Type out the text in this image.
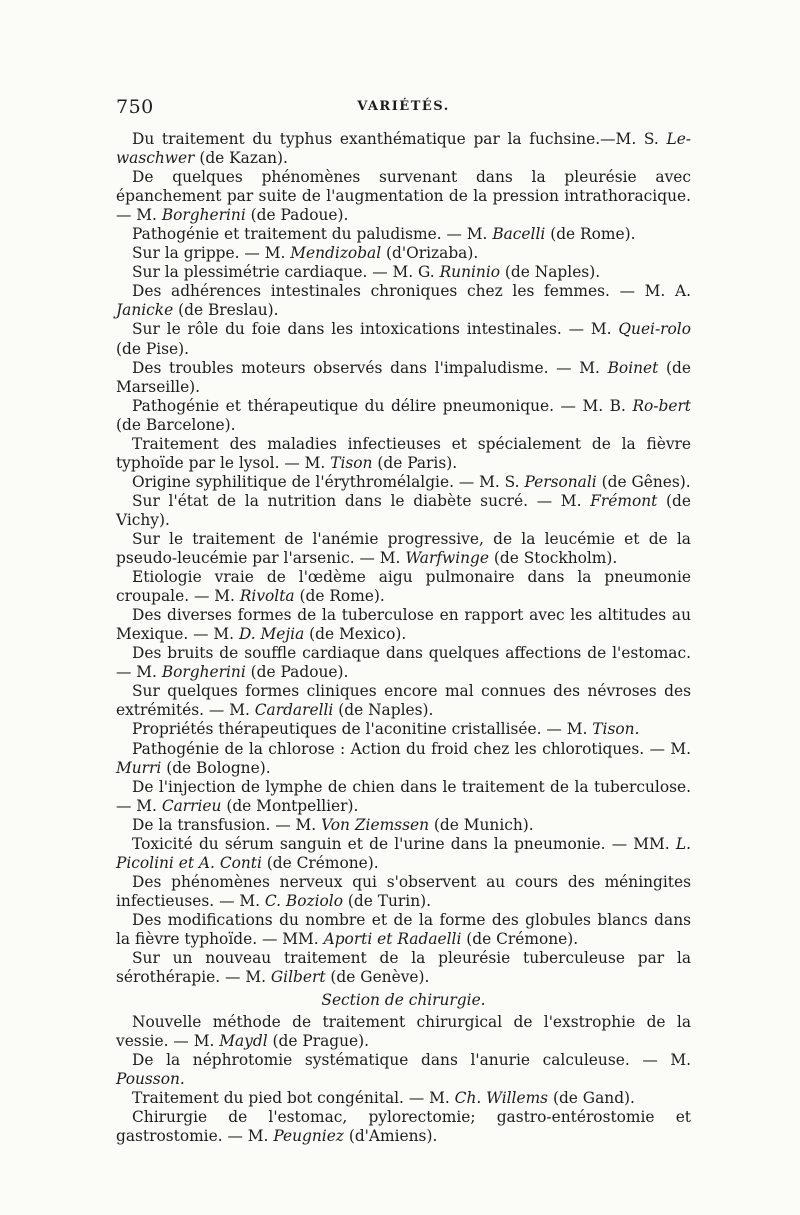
750	VARIÉTÉS.

Du traitement du typhus exanthématique par la fuchsine.—M. S. Le-waschwer (de Kazan).

De quelques phénomènes survenant dans la pleurésie avec épanchement par suite de l'augmentation de la pression intrathoracique. — M. Borgherini (de Padoue).

Pathogénie et traitement du paludisme. — M. Bacelli (de Rome).

Sur la grippe. — M. Mendizobal (d'Orizaba).

Sur la plessimétrie cardiaque. — M. G. Runinio (de Naples).

Des adhérences intestinales chroniques chez les femmes. — M. A. Janicke (de Breslau).

Sur le rôle du foie dans les intoxications intestinales. — M. Quei-rolo (de Pise).

Des troubles moteurs observés dans l'impaludisme. — M. Boinet (de Marseille).

Pathogénie et thérapeutique du délire pneumonique. — M. B. Ro-bert (de Barcelone).

Traitement des maladies infectieuses et spécialement de la fièvre typhoïde par le lysol. — M. Tison (de Paris).

Origine syphilitique de l'érythromélalgie. — M. S. Personali (de Gênes).

Sur l'état de la nutrition dans le diabète sucré. — M. Frémont (de Vichy).

Sur le traitement de l'anémie progressive, de la leucémie et de la pseudo-leucémie par l'arsenic. — M. Warfwinge (de Stockholm).

Etiologie vraie de l'œdème aigu pulmonaire dans la pneumonie croupale. — M. Rivolta (de Rome).

Des diverses formes de la tuberculose en rapport avec les altitudes au Mexique. — M. D. Mejia (de Mexico).

Des bruits de souffle cardiaque dans quelques affections de l'estomac. — M. Borgherini (de Padoue).

Sur quelques formes cliniques encore mal connues des névroses des extrémités. — M. Cardarelli (de Naples).

Propriétés thérapeutiques de l'aconitine cristallisée. — M. Tison.

Pathogénie de la chlorose : Action du froid chez les chlorotiques. — M. Murri (de Bologne).

De l'injection de lymphe de chien dans le traitement de la tuberculose. — M. Carrieu (de Montpellier).

De la transfusion. — M. Von Ziemssen (de Munich).

Toxicité du sérum sanguin et de l'urine dans la pneumonie. — MM. L. Picolini et A. Conti (de Crémone).

Des phénomènes nerveux qui s'observent au cours des méningites infectieuses. — M. C. Boziolo (de Turin).

Des modifications du nombre et de la forme des globules blancs dans la fièvre typhoïde. — MM. Aporti et Radaelli (de Crémone).

Sur un nouveau traitement de la pleurésie tuberculeuse par la sérothérapie. — M. Gilbert (de Genève).

Section de chirurgie.

Nouvelle méthode de traitement chirurgical de l'exstrophie de la vessie. — M. Maydl (de Prague).

De la néphrotomie systématique dans l'anurie calculeuse. — M. Pousson.

Traitement du pied bot congénital. — M. Ch. Willems (de Gand).

Chirurgie de l'estomac, pylorectomie; gastro-entérostomie et gastrostomie. — M. Peugniez (d'Amiens).
